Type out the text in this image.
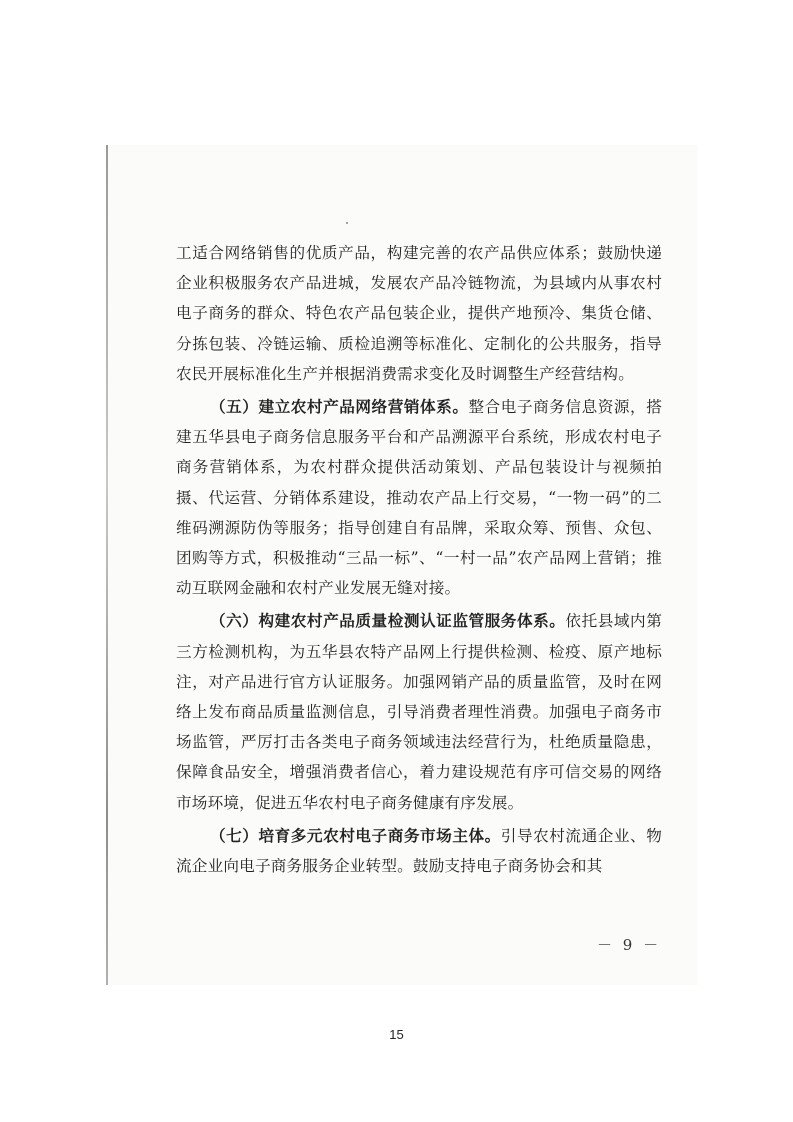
工适合网络销售的优质产品，构建完善的农产品供应体系；鼓励快递企业积极服务农产品进城，发展农产品冷链物流，为县域内从事农村电子商务的群众、特色农产品包装企业，提供产地预冷、集货仓储、分拣包装、冷链运输、质检追溯等标准化、定制化的公共服务，指导农民开展标准化生产并根据消费需求变化及时调整生产经营结构。

（五）建立农村产品网络营销体系。整合电子商务信息资源，搭建五华县电子商务信息服务平台和产品溯源平台系统，形成农村电子商务营销体系，为农村群众提供活动策划、产品包装设计与视频拍摄、代运营、分销体系建设，推动农产品上行交易，“一物一码”的二维码溯源防伪等服务；指导创建自有品牌，采取众筹、预售、众包、团购等方式，积极推动“三品一标”、“一村一品”农产品网上营销；推动互联网金融和农村产业发展无缝对接。

（六）构建农村产品质量检测认证监管服务体系。依托县域内第三方检测机构，为五华县农特产品网上行提供检测、检疫、原产地标注，对产品进行官方认证服务。加强网销产品的质量监管，及时在网络上发布商品质量监测信息，引导消费者理性消费。加强电子商务市场监管，严厉打击各类电子商务领域违法经营行为，杜绝质量隐患，保障食品安全，增强消费者信心，着力建设规范有序可信交易的网络市场环境，促进五华农村电子商务健康有序发展。

（七）培育多元农村电子商务市场主体。引导农村流通企业、物流企业向电子商务服务企业转型。鼓励支持电子商务协会和其

－ 9 －
15
